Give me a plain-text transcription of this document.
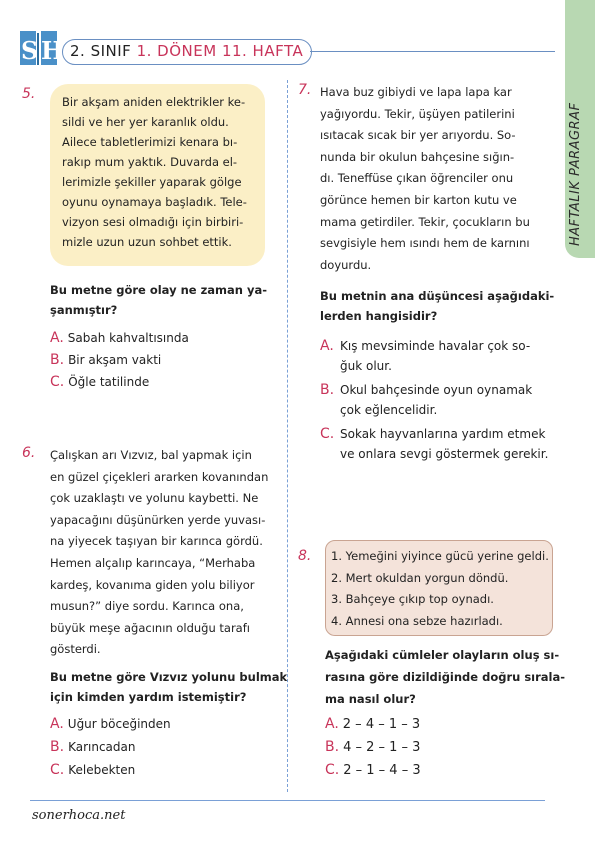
S H 2. SINIF 1. DÖNEM 11. HAFTA
HAFTALIK PARAGRAF
5. Bir akşam aniden elektrikler ke-
sildi ve her yer karanlık oldu.
Ailece tabletlerimizi kenara bı-
rakıp mum yaktık. Duvarda el-
lerimizle şekiller yaparak gölge
oyunu oynamaya başladık. Tele-
vizyon sesi olmadığı için birbiri-
mizle uzun uzun sohbet ettik.
Bu metne göre olay ne zaman ya-
şanmıştır?
A. Sabah kahvaltısında
B. Bir akşam vakti
C. Öğle tatilinde
6. Çalışkan arı Vızvız, bal yapmak için
en güzel çiçekleri ararken kovanından
çok uzaklaştı ve yolunu kaybetti. Ne
yapacağını düşünürken yerde yuvası-
na yiyecek taşıyan bir karınca gördü.
Hemen alçalıp karıncaya, “Merhaba
kardeş, kovanıma giden yolu biliyor
musun?” diye sordu. Karınca ona,
büyük meşe ağacının olduğu tarafı
gösterdi.
Bu metne göre Vızvız yolunu bulmak
için kimden yardım istemiştir?
A. Uğur böceğinden
B. Karıncadan
C. Kelebekten
7. Hava buz gibiydi ve lapa lapa kar
yağıyordu. Tekir, üşüyen patilerini
ısıtacak sıcak bir yer arıyordu. So-
nunda bir okulun bahçesine sığın-
dı. Teneffüse çıkan öğrenciler onu
görünce hemen bir karton kutu ve
mama getirdiler. Tekir, çocukların bu
sevgisiyle hem ısındı hem de karnını
doyurdu.
Bu metnin ana düşüncesi aşağıdaki-
lerden hangisidir?
A. Kış mevsiminde havalar çok so-
ğuk olur.
B. Okul bahçesinde oyun oynamak
çok eğlencelidir.
C. Sokak hayvanlarına yardım etmek
ve onlara sevgi göstermek gerekir.
8. 1. Yemeğini yiyince gücü yerine geldi.
2. Mert okuldan yorgun döndü.
3. Bahçeye çıkıp top oynadı.
4. Annesi ona sebze hazırladı.
Aşağıdaki cümleler olayların oluş sı-
rasına göre dizildiğinde doğru sırala-
ma nasıl olur?
A. 2 – 4 – 1 – 3
B. 4 – 2 – 1 – 3
C. 2 – 1 – 4 – 3
sonerhoca.net
